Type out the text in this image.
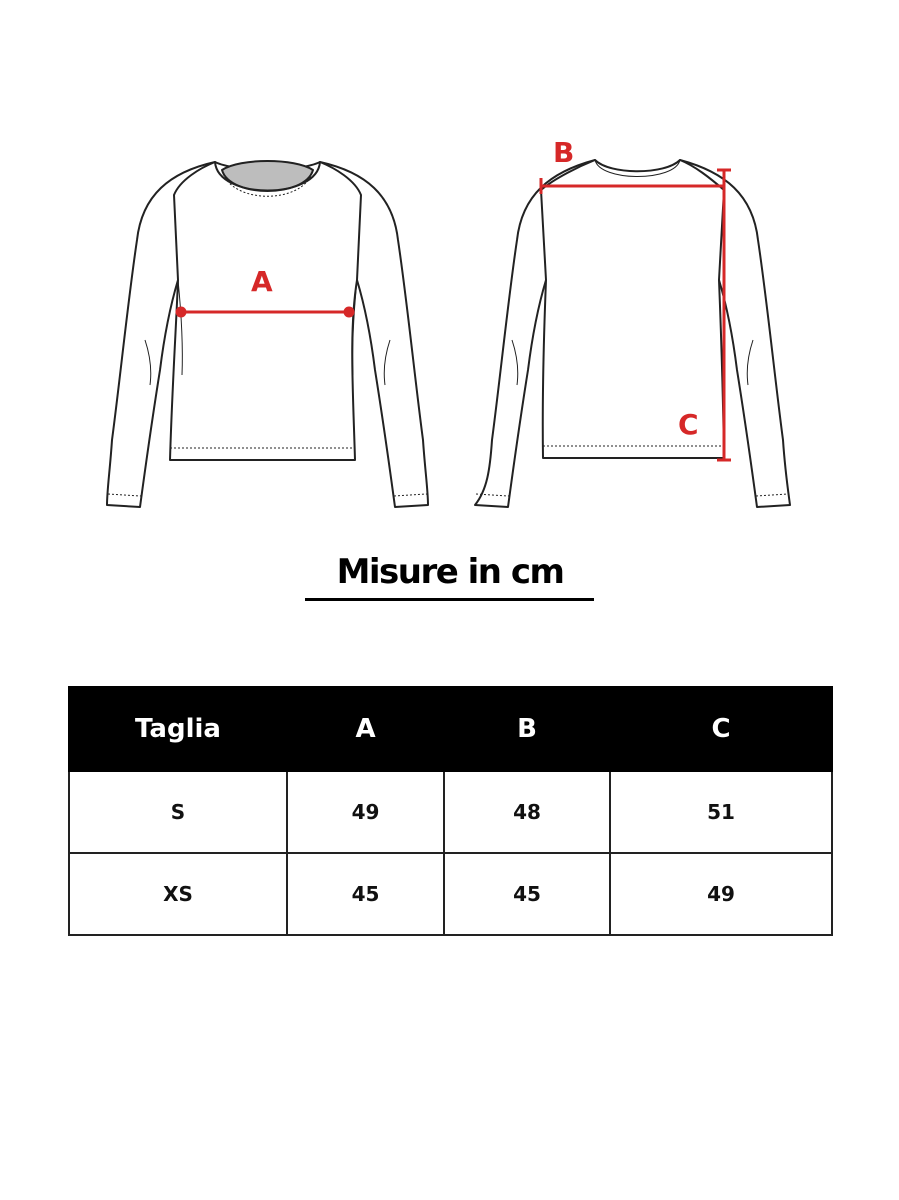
A
B
C
Misure in cm
Taglia	A	B	C
S	49	48	51
XS	45	45	49
